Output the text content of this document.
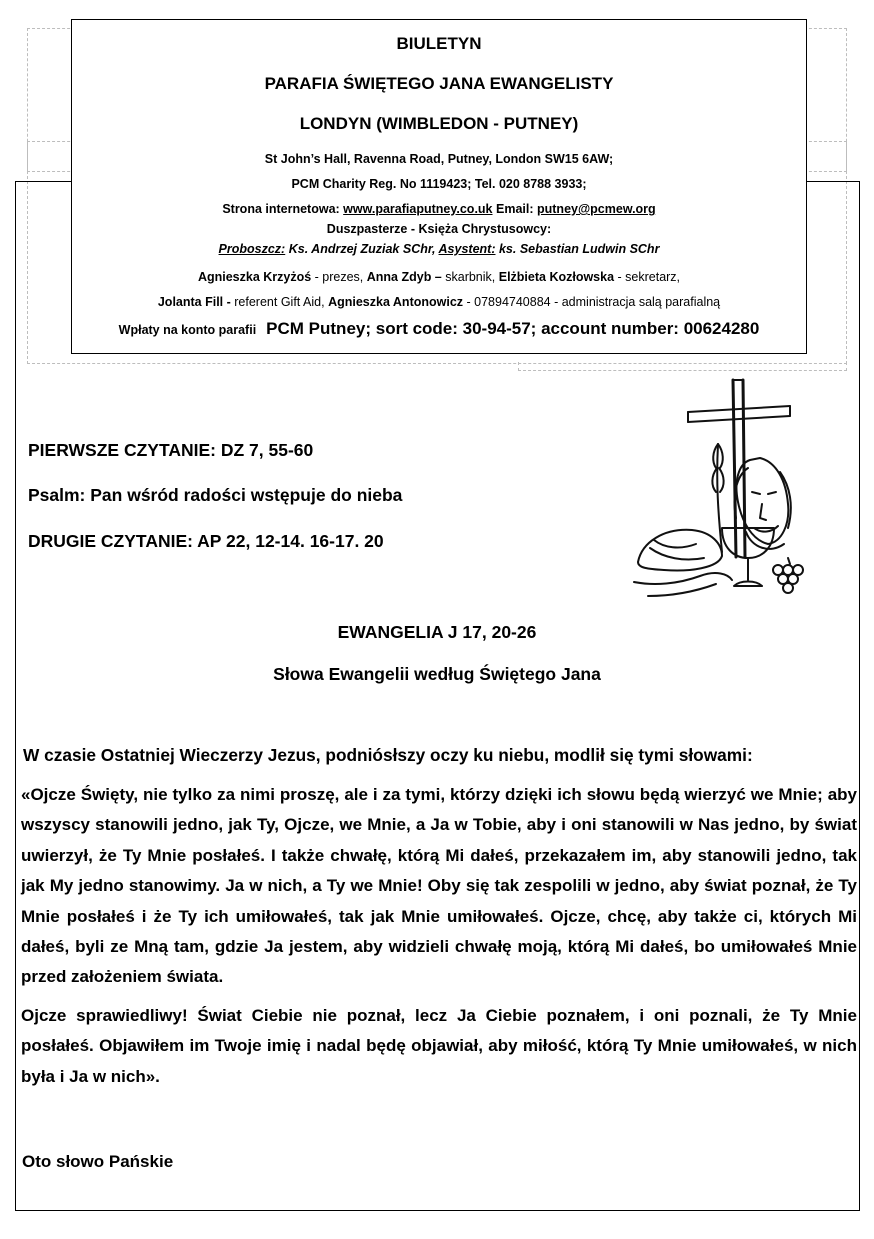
BIULETYN
PARAFIA ŚWIĘTEGO JANA EWANGELISTY
LONDYN (WIMBLEDON - PUTNEY)
St John’s Hall, Ravenna Road, Putney, London SW15 6AW;
PCM Charity Reg. No 1119423; Tel. 020 8788 3933;
Strona internetowa: www.parafiaputney.co.uk Email: putney@pcmew.org
Duszpasterze - Księża Chrystusowcy:
Proboszcz: Ks. Andrzej Zuziak SChr, Asystent: ks. Sebastian Ludwin SChr
Agnieszka Krzyżoś - prezes, Anna Zdyb – skarbnik, Elżbieta Kozłowska - sekretarz,
Jolanta Fill - referent Gift Aid, Agnieszka Antonowicz - 07894740884 - administracja salą parafialną
Wpłaty na konto parafii PCM Putney; sort code: 30-94-57; account number: 00624280
PIERWSZE CZYTANIE: DZ 7, 55-60
Psalm: Pan wśród radości wstępuje do nieba
DRUGIE CZYTANIE: AP 22, 12-14. 16-17. 20
EWANGELIA J 17, 20-26
Słowa Ewangelii według Świętego Jana
W czasie Ostatniej Wieczerzy Jezus, podniósłszy oczy ku niebu, modlił się tymi słowami:
«Ojcze Święty, nie tylko za nimi proszę, ale i za tymi, którzy dzięki ich słowu będą wierzyć we Mnie; aby wszyscy stanowili jedno, jak Ty, Ojcze, we Mnie, a Ja w Tobie, aby i oni stanowili w Nas jedno, by świat uwierzył, że Ty Mnie posłałeś. I także chwałę, którą Mi dałeś, przekazałem im, aby stanowili jedno, tak jak My jedno stanowimy. Ja w nich, a Ty we Mnie! Oby się tak zespolili w jedno, aby świat poznał, że Ty Mnie posłałeś i że Ty ich umiłowałeś, tak jak Mnie umiłowałeś. Ojcze, chcę, aby także ci, których Mi dałeś, byli ze Mną tam, gdzie Ja jestem, aby widzieli chwałę moją, którą Mi dałeś, bo umiłowałeś Mnie przed założeniem świata.
Ojcze sprawiedliwy! Świat Ciebie nie poznał, lecz Ja Ciebie poznałem, i oni poznali, że Ty Mnie posłałeś. Objawiłem im Twoje imię i nadal będę objawiał, aby miłość, którą Ty Mnie umiłowałeś, w nich była i Ja w nich».
Oto słowo Pańskie
